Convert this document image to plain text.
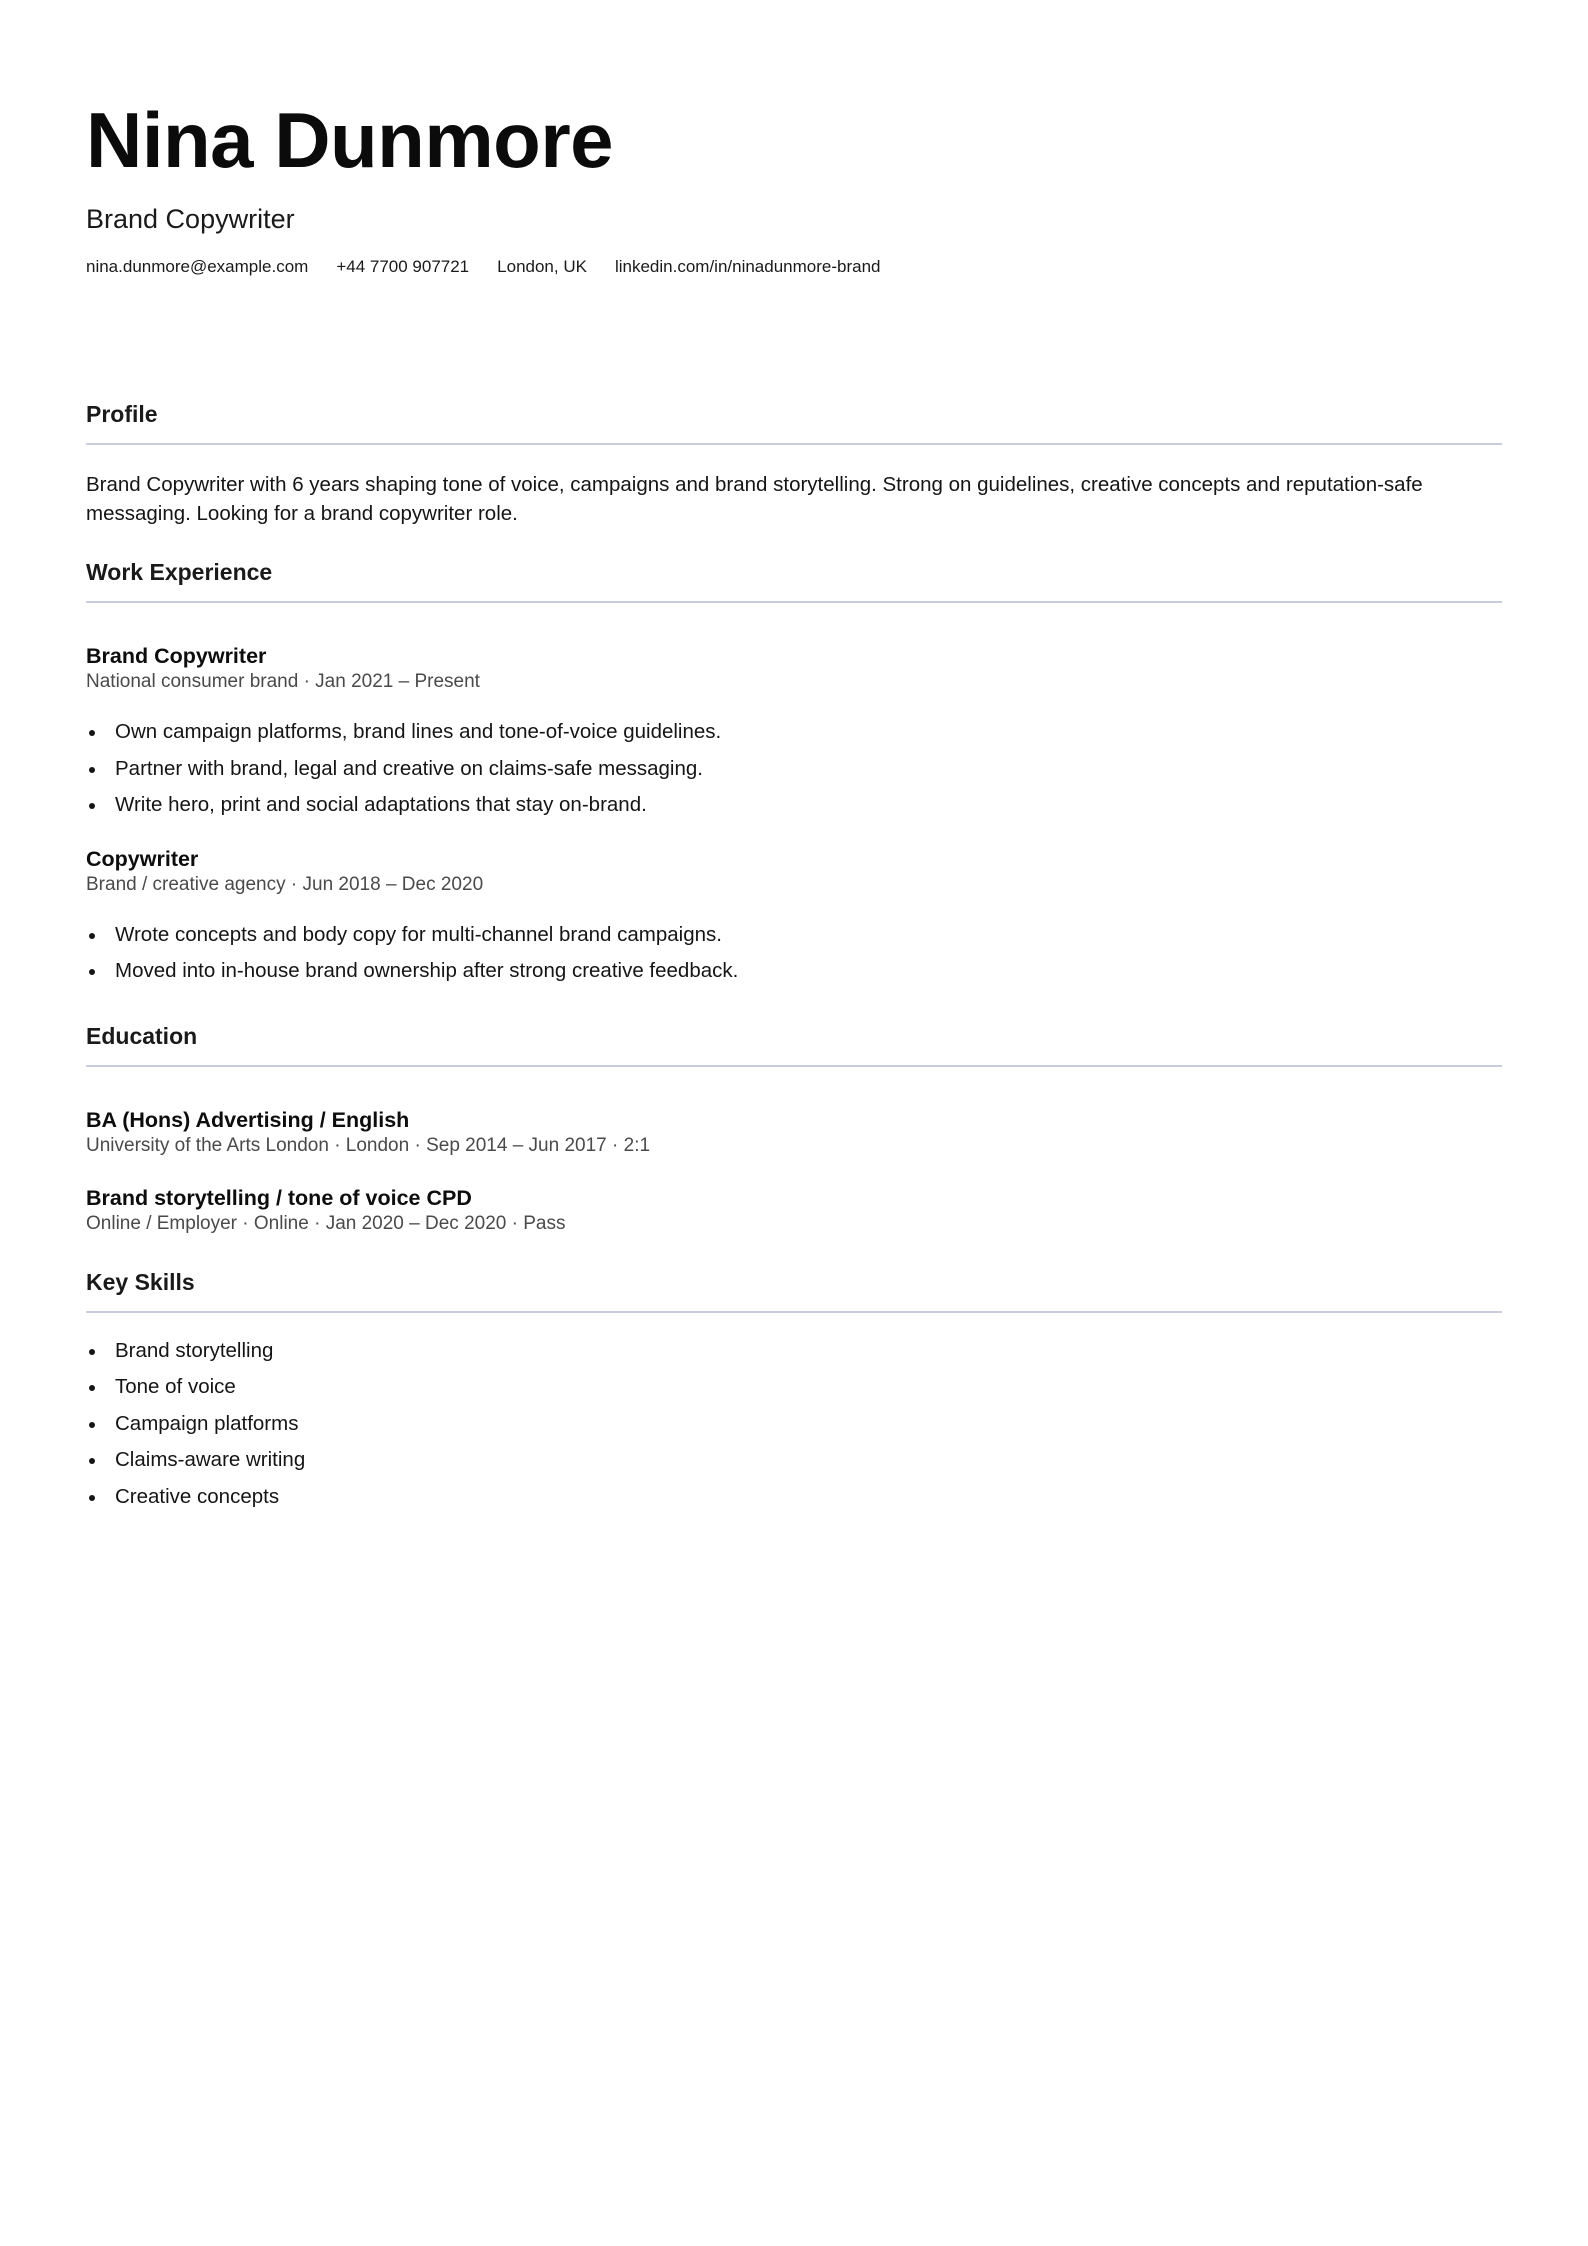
Nina Dunmore
Brand Copywriter
nina.dunmore@example.com +44 7700 907721 London, UK linkedin.com/in/ninadunmore-brand
Profile

Brand Copywriter with 6 years shaping tone of voice, campaigns and brand storytelling. Strong on guidelines, creative concepts and reputation-safe messaging. Looking for a brand copywriter role.

Work Experience
Brand Copywriter
National consumer brand · Jan 2021 – Present
Own campaign platforms, brand lines and tone-of-voice guidelines.
Partner with brand, legal and creative on claims-safe messaging.
Write hero, print and social adaptations that stay on-brand.
Copywriter
Brand / creative agency · Jun 2018 – Dec 2020
Wrote concepts and body copy for multi-channel brand campaigns.
Moved into in-house brand ownership after strong creative feedback.
Education
BA (Hons) Advertising / English
University of the Arts London · London · Sep 2014 – Jun 2017 · 2:1
Brand storytelling / tone of voice CPD
Online / Employer · Online · Jan 2020 – Dec 2020 · Pass
Key Skills
Brand storytelling
Tone of voice
Campaign platforms
Claims-aware writing
Creative concepts
